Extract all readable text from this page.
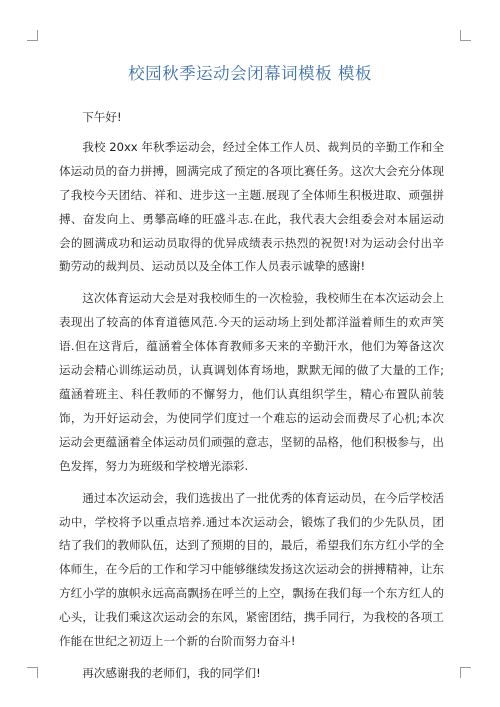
校园秋季运动会闭幕词模板 模板

下午好!

我校 20xx 年秋季运动会，经过全体工作人员、裁判员的辛勤工作和全体运动员的奋力拼搏，圆满完成了预定的各项比赛任务。这次大会充分体现了我校今天团结、祥和、进步这一主题.展现了全体师生积极进取、顽强拼搏、奋发向上、勇攀高峰的旺盛斗志.在此，我代表大会组委会对本届运动会的圆满成功和运动员取得的优异成绩表示热烈的祝贺!对为运动会付出辛勤劳动的裁判员、运动员以及全体工作人员表示诚挚的感谢!

这次体育运动大会是对我校师生的一次检验，我校师生在本次运动会上表现出了较高的体育道德风范.今天的运动场上到处都洋溢着师生的欢声笑语.但在这背后，蕴涵着全体体育教师多天来的辛勤汗水，他们为筹备这次运动会精心训练运动员，认真调划体育场地，默默无闻的做了大量的工作;蕴涵着班主、科任教师的不懈努力，他们认真组织学生，精心布置队前装饰，为开好运动会，为使同学们度过一个难忘的运动会而费尽了心机;本次运动会更蕴涵着全体运动员们顽强的意志，坚韧的品格，他们积极参与，出色发挥，努力为班级和学校增光添彩.

通过本次运动会，我们选拔出了一批优秀的体育运动员，在今后学校活动中，学校将予以重点培养.通过本次运动会，锻炼了我们的少先队员，团结了我们的教师队伍，达到了预期的目的，最后，希望我们东方红小学的全体师生，在今后的工作和学习中能够继续发扬这次运动会的拼搏精神，让东方红小学的旗帜永远高高飘扬在呼兰的上空，飘扬在我们每一个东方红人的心头，让我们乘这次运动会的东风，紧密团结，携手同行，为我校的各项工作能在世纪之初迈上一个新的台阶而努力奋斗!

再次感谢我的老师们，我的同学们!
